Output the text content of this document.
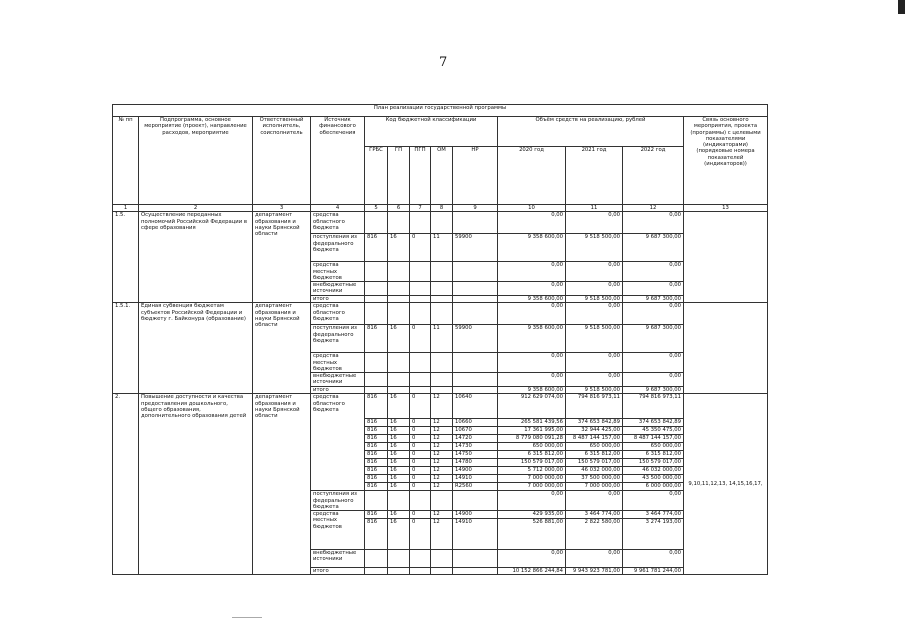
7
План реализации государственной программы												
№ пп	Подпрограмма, основное мероприятие (проект), направление расходов, мероприятие	Ответственный исполнитель, соисполнитель	Источник финансового обеспечения	Код бюджетной классификации					Объём средств на реализацию, рублей			Связь основного мероприятия, проекта (программы) с целевыми показателями (индикаторами) (порядковые номера показателей (индикаторов))
				ГРБС	ГП	ПГП	ОМ	НР	2020 год	2021 год	2022 год	
1	2	3	4	5	6	7	8	9	10	11	12	13
1.5.	Осуществление переданных полномочий Российской Федерации в сфере образования	департамент образования и науки Брянской области	средства областного бюджета						0,00	0,00	0,00	
			поступления из федерального бюджета	816	16	0	11	59900	9 358 600,00	9 518 500,00	9 687 300,00	
			средства местных бюджетов						0,00	0,00	0,00	
			внебюджетные источники						0,00	0,00	0,00	
			итого						9 358 600,00	9 518 500,00	9 687 300,00	
1.5.1.	Единая субвенция бюджетам субъектов Российской Федерации и бюджету г. Байконура (образование)	департамент образования и науки Брянской области	средства областного бюджета						0,00	0,00	0,00	
			поступления из федерального бюджета	816	16	0	11	59900	9 358 600,00	9 518 500,00	9 687 300,00	
			средства местных бюджетов						0,00	0,00	0,00	
			внебюджетные источники						0,00	0,00	0,00	
			итого						9 358 600,00	9 518 500,00	9 687 300,00	
2.	Повышение доступности и качества предоставления дошкольного, общего образования, дополнительного образования детей	департамент образования и науки Брянской области	средства областного бюджета	816	16	0	12	10640	912 629 074,00	794 816 973,11	794 816 973,11	9,10,11,12,13, 14,15,16,17,
				816	16	0	12	10660	265 581 439,56	374 653 842,89	374 653 842,89	
				816	16	0	12	10670	17 361 995,00	32 944 425,00	45 350 475,00	
				816	16	0	12	14720	8 779 080 091,28	8 487 144 157,00	8 487 144 157,00	
				816	16	0	12	14730	650 000,00	650 000,00	650 000,00	
				816	16	0	12	14750	6 315 812,00	6 315 812,00	6 315 812,00	
				816	16	0	12	14780	150 579 017,00	150 579 017,00	150 579 017,00	
				816	16	0	12	14900	5 712 000,00	46 032 000,00	46 032 000,00	
				816	16	0	12	14910	7 000 000,00	37 500 000,00	43 500 000,00	
				816	16	0	12	R2560	7 000 000,00	7 000 000,00	6 000 000,00	
			поступления из федерального бюджета						0,00	0,00	0,00	
			средства местных бюджетов	816	16	0	12	14900	429 935,00	3 464 774,00	3 464 774,00	
				816	16	0	12	14910	526 881,00	2 822 580,00	3 274 193,00	
			внебюджетные источники						0,00	0,00	0,00	
			итого						10 152 866 244,84	9 943 923 781,00	9 961 781 244,00	
